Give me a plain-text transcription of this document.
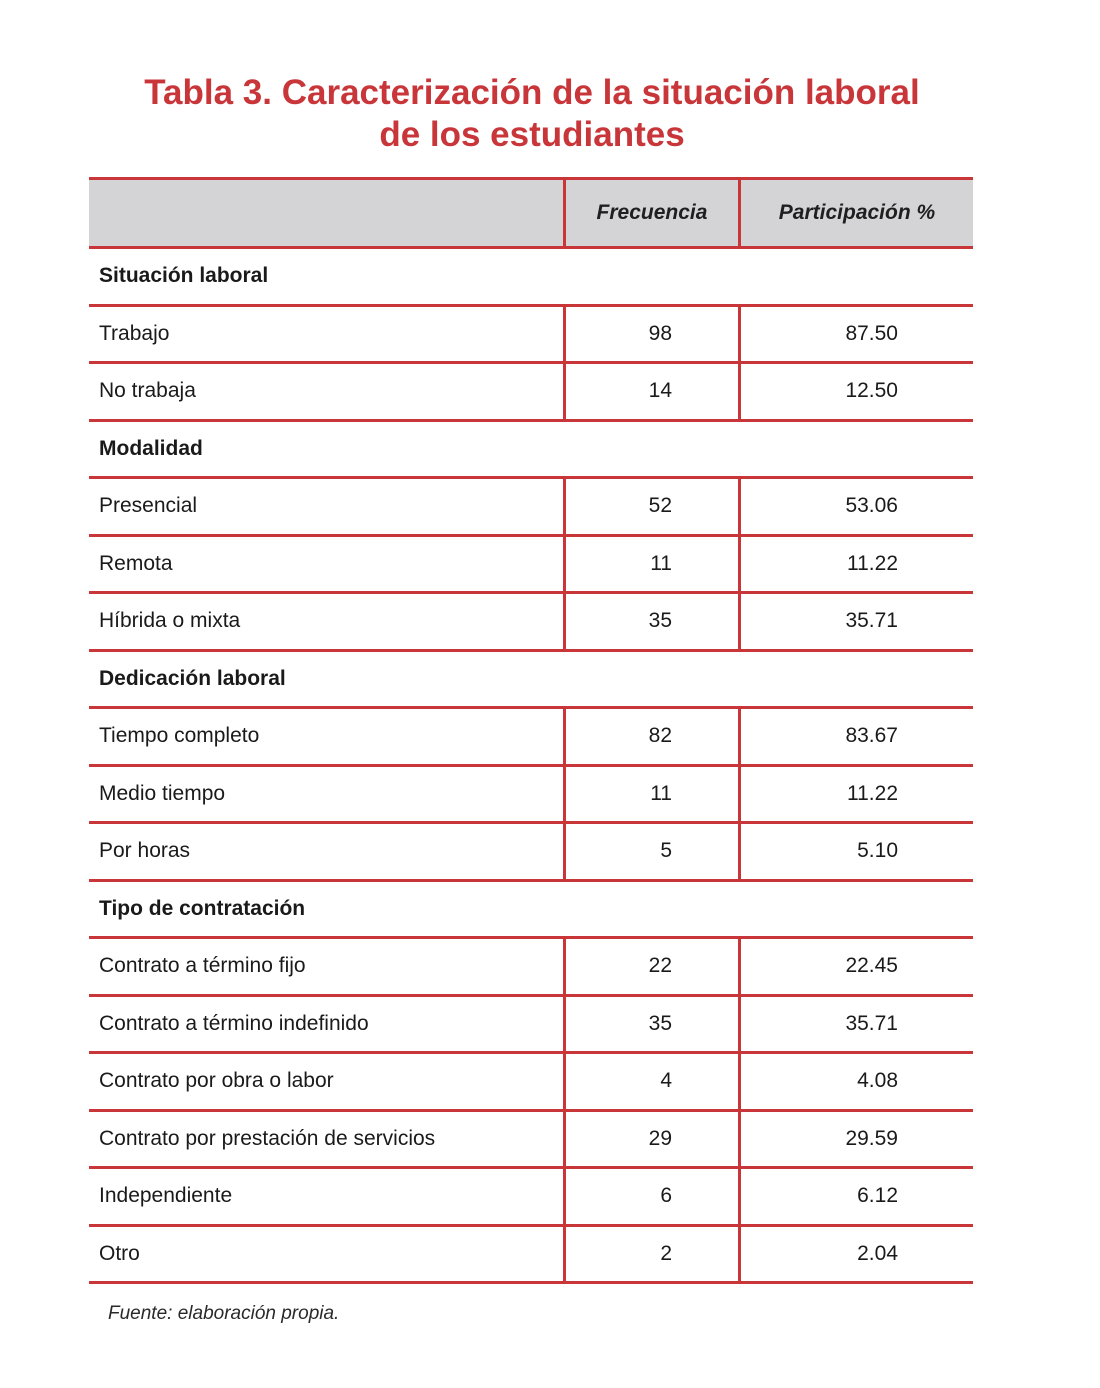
Tabla 3. Caracterización de la situación laboral
de los estudiantes
	Frecuencia	Participación %
Situación laboral		
Trabajo	98	87.50
No trabaja	14	12.50
Modalidad		
Presencial	52	53.06
Remota	11	11.22
Híbrida o mixta	35	35.71
Dedicación laboral		
Tiempo completo	82	83.67
Medio tiempo	11	11.22
Por horas	5	5.10
Tipo de contratación		
Contrato a término fijo	22	22.45
Contrato a término indefinido	35	35.71
Contrato por obra o labor	4	4.08
Contrato por prestación de servicios	29	29.59
Independiente	6	6.12
Otro	2	2.04
Fuente: elaboración propia.
